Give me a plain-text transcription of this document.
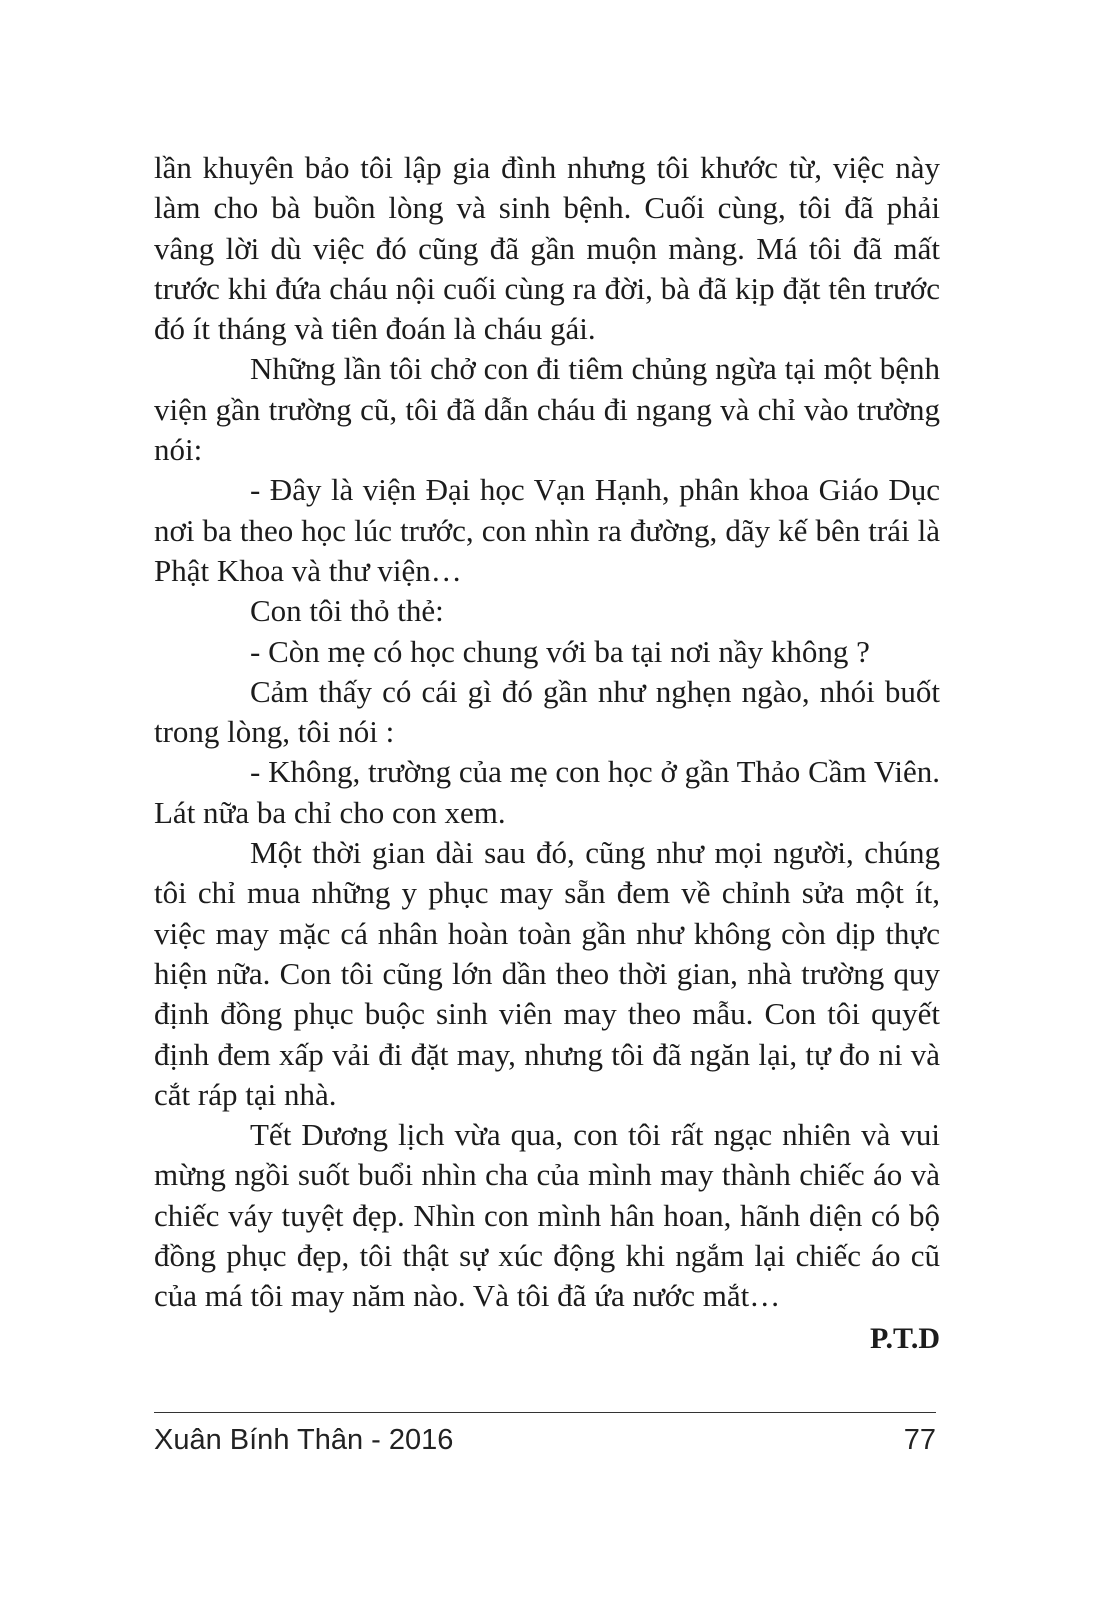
lần khuyên bảo tôi lập gia đình nhưng tôi khước từ, việc này làm cho bà buồn lòng và sinh bệnh. Cuối cùng, tôi đã phải vâng lời dù việc đó cũng đã gần muộn màng. Má tôi đã mất trước khi đứa cháu nội cuối cùng ra đời, bà đã kịp đặt tên trước đó ít tháng và tiên đoán là cháu gái.

Những lần tôi chở con đi tiêm chủng ngừa tại một bệnh viện gần trường cũ, tôi đã dẫn cháu đi ngang và chỉ vào trường nói:

- Đây là viện Đại học Vạn Hạnh, phân khoa Giáo Dục nơi ba theo học lúc trước, con nhìn ra đường, dãy kế bên trái là Phật Khoa và thư viện…

Con tôi thỏ thẻ:

- Còn mẹ có học chung với ba tại nơi nầy không ?

Cảm thấy có cái gì đó gần như nghẹn ngào, nhói buốt trong lòng, tôi nói :

- Không, trường của mẹ con học ở gần Thảo Cầm Viên. Lát nữa ba chỉ cho con xem.

Một thời gian dài sau đó, cũng như mọi người, chúng tôi chỉ mua những y phục may sẵn đem về chỉnh sửa một ít, việc may mặc cá nhân hoàn toàn gần như không còn dịp thực hiện nữa. Con tôi cũng lớn dần theo thời gian, nhà trường quy định đồng phục buộc sinh viên may theo mẫu. Con tôi quyết định đem xấp vải đi đặt may, nhưng tôi đã ngăn lại, tự đo ni và cắt ráp tại nhà.

Tết Dương lịch vừa qua, con tôi rất ngạc nhiên và vui mừng ngồi suốt buổi nhìn cha của mình may thành chiếc áo và chiếc váy tuyệt đẹp. Nhìn con mình hân hoan, hãnh diện có bộ đồng phục đẹp, tôi thật sự xúc động khi ngắm lại chiếc áo cũ của má tôi may năm nào. Và tôi đã ứa nước mắt…

P.T.D

Xuân Bính Thân - 2016	77
